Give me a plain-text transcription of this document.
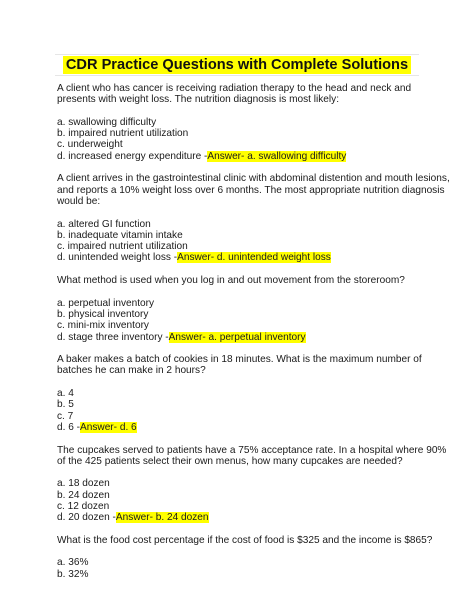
CDR Practice Questions with Complete Solutions
A client who has cancer is receiving radiation therapy to the head and neck and
presents with weight loss. The nutrition diagnosis is most likely:
a. swallowing difficulty
b. impaired nutrient utilization
c. underweight
d. increased energy expenditure -Answer- a. swallowing difficulty
A client arrives in the gastrointestinal clinic with abdominal distention and mouth lesions,
and reports a 10% weight loss over 6 months. The most appropriate nutrition diagnosis
would be:
a. altered GI function
b. inadequate vitamin intake
c. impaired nutrient utilization
d. unintended weight loss -Answer- d. unintended weight loss
What method is used when you log in and out movement from the storeroom?
a. perpetual inventory
b. physical inventory
c. mini-mix inventory
d. stage three inventory -Answer- a. perpetual inventory
A baker makes a batch of cookies in 18 minutes. What is the maximum number of
batches he can make in 2 hours?
a. 4
b. 5
c. 7
d. 6 -Answer- d. 6
The cupcakes served to patients have a 75% acceptance rate. In a hospital where 90%
of the 425 patients select their own menus, how many cupcakes are needed?
a. 18 dozen
b. 24 dozen
c. 12 dozen
d. 20 dozen -Answer- b. 24 dozen
What is the food cost percentage if the cost of food is $325 and the income is $865?
a. 36%
b. 32%
